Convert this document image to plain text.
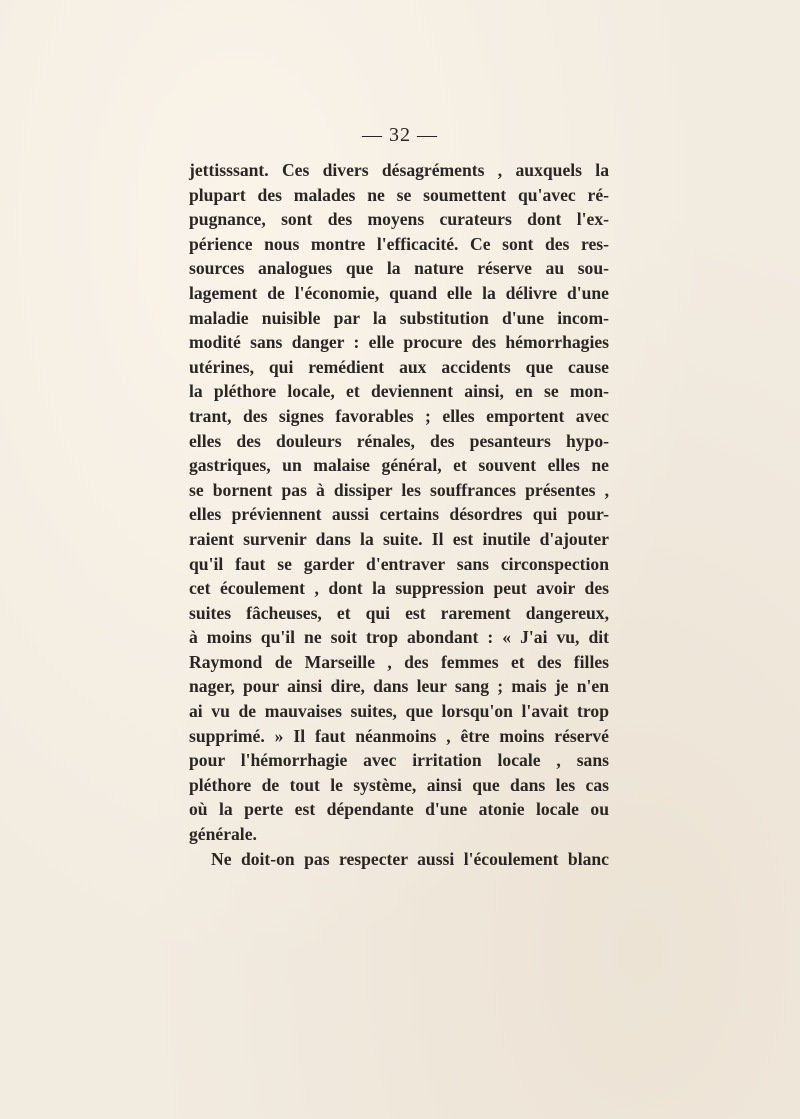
— 32 —
jettisssant. Ces divers désagréments , auxquels la
plupart des malades ne se soumettent qu'avec ré-
pugnance, sont des moyens curateurs dont l'ex-
périence nous montre l'efficacité. Ce sont des res-
sources analogues que la nature réserve au sou-
lagement de l'économie, quand elle la délivre d'une
maladie nuisible par la substitution d'une incom-
modité sans danger : elle procure des hémorrhagies
utérines, qui remédient aux accidents que cause
la pléthore locale, et deviennent ainsi, en se mon-
trant, des signes favorables ; elles emportent avec
elles des douleurs rénales, des pesanteurs hypo-
gastriques, un malaise général, et souvent elles ne
se bornent pas à dissiper les souffrances présentes ,
elles préviennent aussi certains désordres qui pour-
raient survenir dans la suite. Il est inutile d'ajouter
qu'il faut se garder d'entraver sans circonspection
cet écoulement , dont la suppression peut avoir des
suites fâcheuses, et qui est rarement dangereux,
à moins qu'il ne soit trop abondant : « J'ai vu, dit
Raymond de Marseille , des femmes et des filles
nager, pour ainsi dire, dans leur sang ; mais je n'en
ai vu de mauvaises suites, que lorsqu'on l'avait trop
supprimé. » Il faut néanmoins , être moins réservé
pour l'hémorrhagie avec irritation locale , sans
pléthore de tout le système, ainsi que dans les cas
où la perte est dépendante d'une atonie locale ou
générale.
Ne doit-on pas respecter aussi l'écoulement blanc
